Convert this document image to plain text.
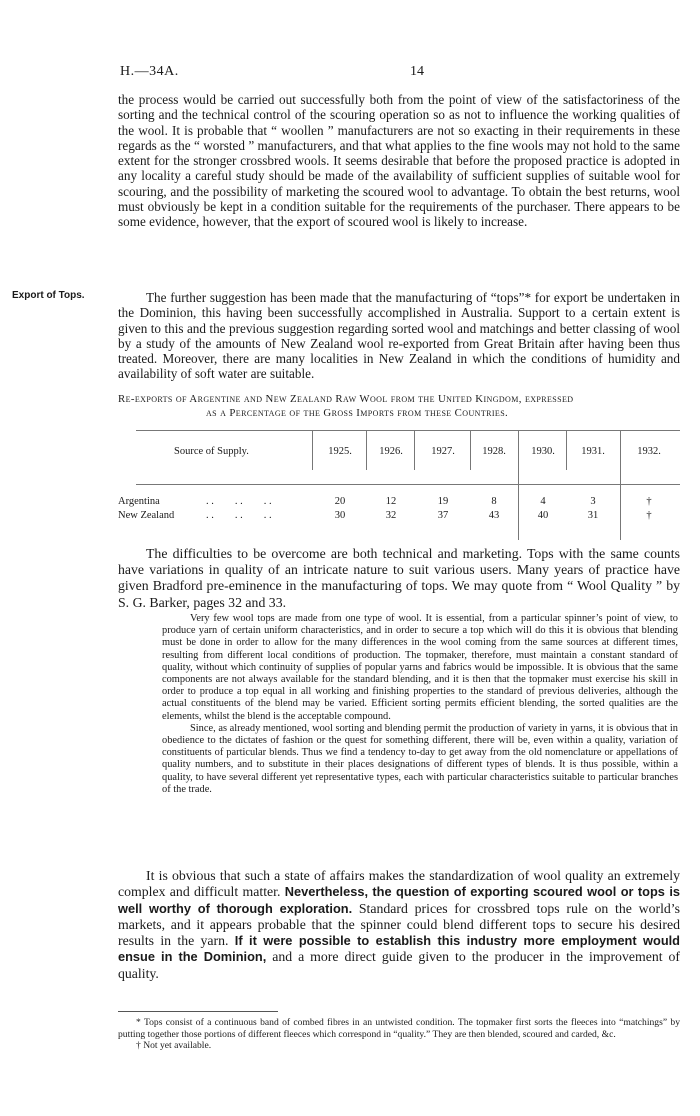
H.—34A.	14

the process would be carried out successfully both from the point of view of the satisfactoriness of the sorting and the technical control of the scouring operation so as not to influence the working qualities of the wool. It is probable that “ woollen ” manufacturers are not so exacting in their requirements in these regards as the “ worsted ” manufacturers, and that what applies to the fine wools may not hold to the same extent for the stronger crossbred wools. It seems desirable that before the proposed practice is adopted in any locality a careful study should be made of the availability of sufficient supplies of suitable wool for scouring, and the possibility of marketing the scoured wool to advantage. To obtain the best returns, wool must obviously be kept in a condition suitable for the requirements of the purchaser. There appears to be some evidence, however, that the export of scoured wool is likely to increase.

Export of Tops.	The further suggestion has been made that the manufacturing of “tops”* for export be undertaken in the Dominion, this having been successfully accomplished in Australia. Support to a certain extent is given to this and the previous suggestion regarding sorted wool and matchings and better classing of wool by a study of the amounts of New Zealand wool re-exported from Great Britain after having been thus treated. Moreover, there are many localities in New Zealand in which the conditions of humidity and availability of soft water are suitable.

Re-exports of Argentine and New Zealand Raw Wool from the United Kingdom, expressed
as a Percentage of the Gross Imports from these Countries.
Source of Supply.	1925.	1926.	1927.	1928.	1930.	1931.	1932.
Argentina	. .        . .        . .	20	12	19	8	4	3	†
New Zealand	. .        . .        . .	30	32	37	43	40	31	†

The difficulties to be overcome are both technical and marketing. Tops with the same counts have variations in quality of an intricate nature to suit various users. Many years of practice have given Bradford pre-eminence in the manufacturing of tops. We may quote from “ Wool Quality ” by S. G. Barker, pages 32 and 33.

Very few wool tops are made from one type of wool. It is essential, from a particular spinner’s point of view, to produce yarn of certain uniform characteristics, and in order to secure a top which will do this it is obvious that blending must be done in order to allow for the many differences in the wool coming from the same sources at different times, resulting from different local conditions of production. The topmaker, therefore, must maintain a constant standard of quality, without which continuity of supplies of popular yarns and fabrics would be impossible. It is obvious that the same components are not always available for the standard blending, and it is then that the topmaker must exercise his skill in order to produce a top equal in all working and finishing properties to the standard of previous deliveries, although the actual constituents of the blend may be varied. Efficient sorting permits efficient blending, the sorted qualities are the elements, whilst the blend is the acceptable compound.

Since, as already mentioned, wool sorting and blending permit the production of variety in yarns, it is obvious that in obedience to the dictates of fashion or the quest for something different, there will be, even within a quality, variation of constituents of particular blends. Thus we find a tendency to-day to get away from the old nomenclature or appellations of quality numbers, and to substitute in their places designations of different types of blends. It is thus possible, within a quality, to have several different yet representative types, each with particular characteristics suitable to particular branches of the trade.

It is obvious that such a state of affairs makes the standardization of wool quality an extremely complex and difficult matter. Nevertheless, the question of exporting scoured wool or tops is well worthy of thorough exploration. Standard prices for crossbred tops rule on the world’s markets, and it appears probable that the spinner could blend different tops to secure his desired results in the yarn. If it were possible to establish this industry more employment would ensue in the Dominion, and a more direct guide given to the producer in the improvement of quality.

* Tops consist of a continuous band of combed fibres in an untwisted condition. The topmaker first sorts the fleeces into “matchings” by putting together those portions of different fleeces which correspond in “quality.” They are then blended, scoured and carded, &c.

† Not yet available.
